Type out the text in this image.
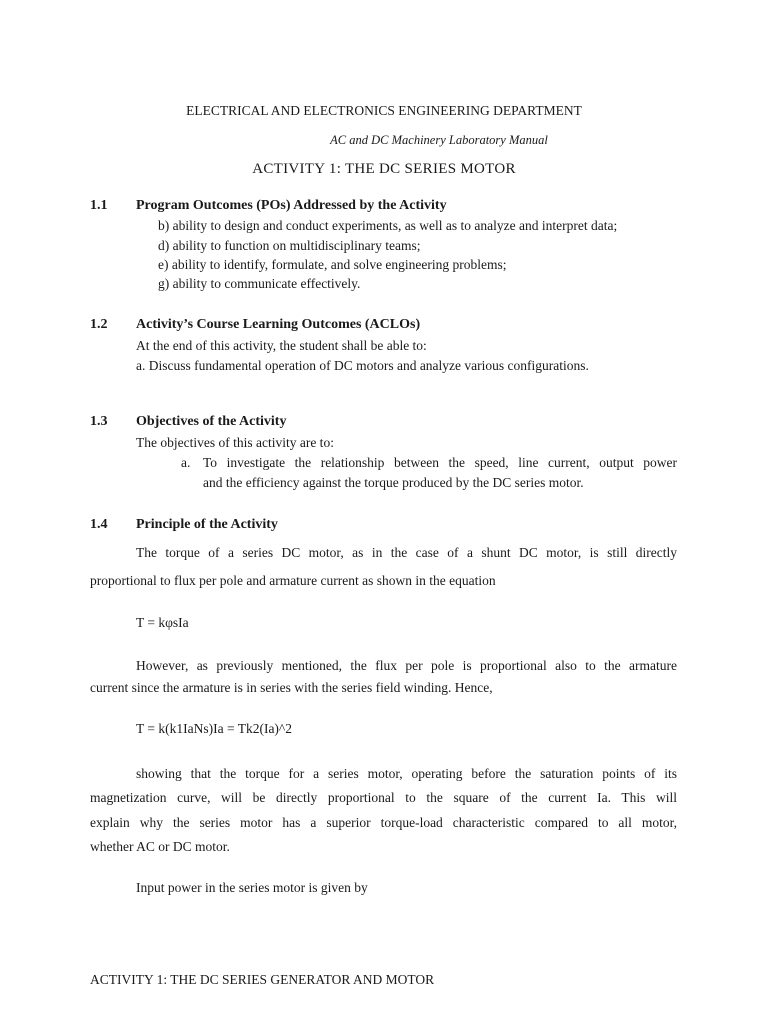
ELECTRICAL AND ELECTRONICS ENGINEERING DEPARTMENT
AC and DC Machinery Laboratory Manual
ACTIVITY 1: THE DC SERIES MOTOR
1.1 Program Outcomes (POs) Addressed by the Activity
b) ability to design and conduct experiments, as well as to analyze and interpret data;
d) ability to function on multidisciplinary teams;
e) ability to identify, formulate, and solve engineering problems;
g) ability to communicate effectively.
1.2 Activity’s Course Learning Outcomes (ACLOs)
At the end of this activity, the student shall be able to:
a. Discuss fundamental operation of DC motors and analyze various configurations.
1.3 Objectives of the Activity
The objectives of this activity are to:
a. To investigate the relationship between the speed, line current, output power
and the efficiency against the torque produced by the DC series motor.
1.4 Principle of the Activity
The torque of a series DC motor, as in the case of a shunt DC motor, is still directly
proportional to flux per pole and armature current as shown in the equation
T = kφsIa
However, as previously mentioned, the flux per pole is proportional also to the armature
current since the armature is in series with the series field winding. Hence,
T = k(k1IaNs)Ia = Tk2(Ia)^2
showing that the torque for a series motor, operating before the saturation points of its
magnetization curve, will be directly proportional to the square of the current Ia. This will
explain why the series motor has a superior torque-load characteristic compared to all motor,
whether AC or DC motor.
Input power in the series motor is given by
ACTIVITY 1: THE DC SERIES GENERATOR AND MOTOR
